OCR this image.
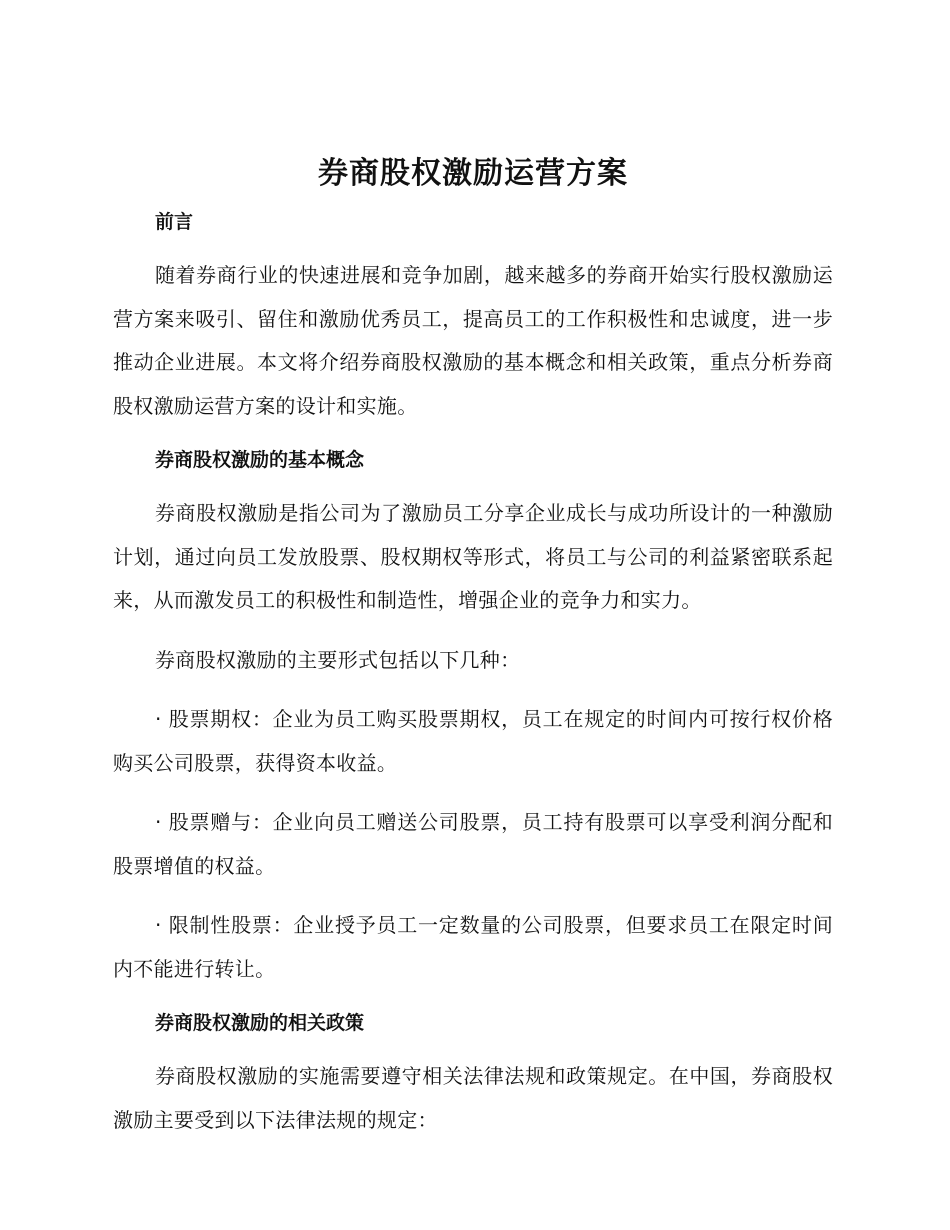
券商股权激励运营方案
前言

随着券商行业的快速进展和竞争加剧，越来越多的券商开始实行股权激励运营方案来吸引、留住和激励优秀员工，提高员工的工作积极性和忠诚度，进一步推动企业进展。本文将介绍券商股权激励的基本概念和相关政策，重点分析券商股权激励运营方案的设计和实施。

券商股权激励的基本概念

券商股权激励是指公司为了激励员工分享企业成长与成功所设计的一种激励计划，通过向员工发放股票、股权期权等形式，将员工与公司的利益紧密联系起来，从而激发员工的积极性和制造性，增强企业的竞争力和实力。

券商股权激励的主要形式包括以下几种：

· 股票期权：企业为员工购买股票期权，员工在规定的时间内可按行权价格购买公司股票，获得资本收益。

· 股票赠与：企业向员工赠送公司股票，员工持有股票可以享受利润分配和股票增值的权益。

· 限制性股票：企业授予员工一定数量的公司股票，但要求员工在限定时间内不能进行转让。

券商股权激励的相关政策

券商股权激励的实施需要遵守相关法律法规和政策规定。在中国，券商股权激励主要受到以下法律法规的规定：
